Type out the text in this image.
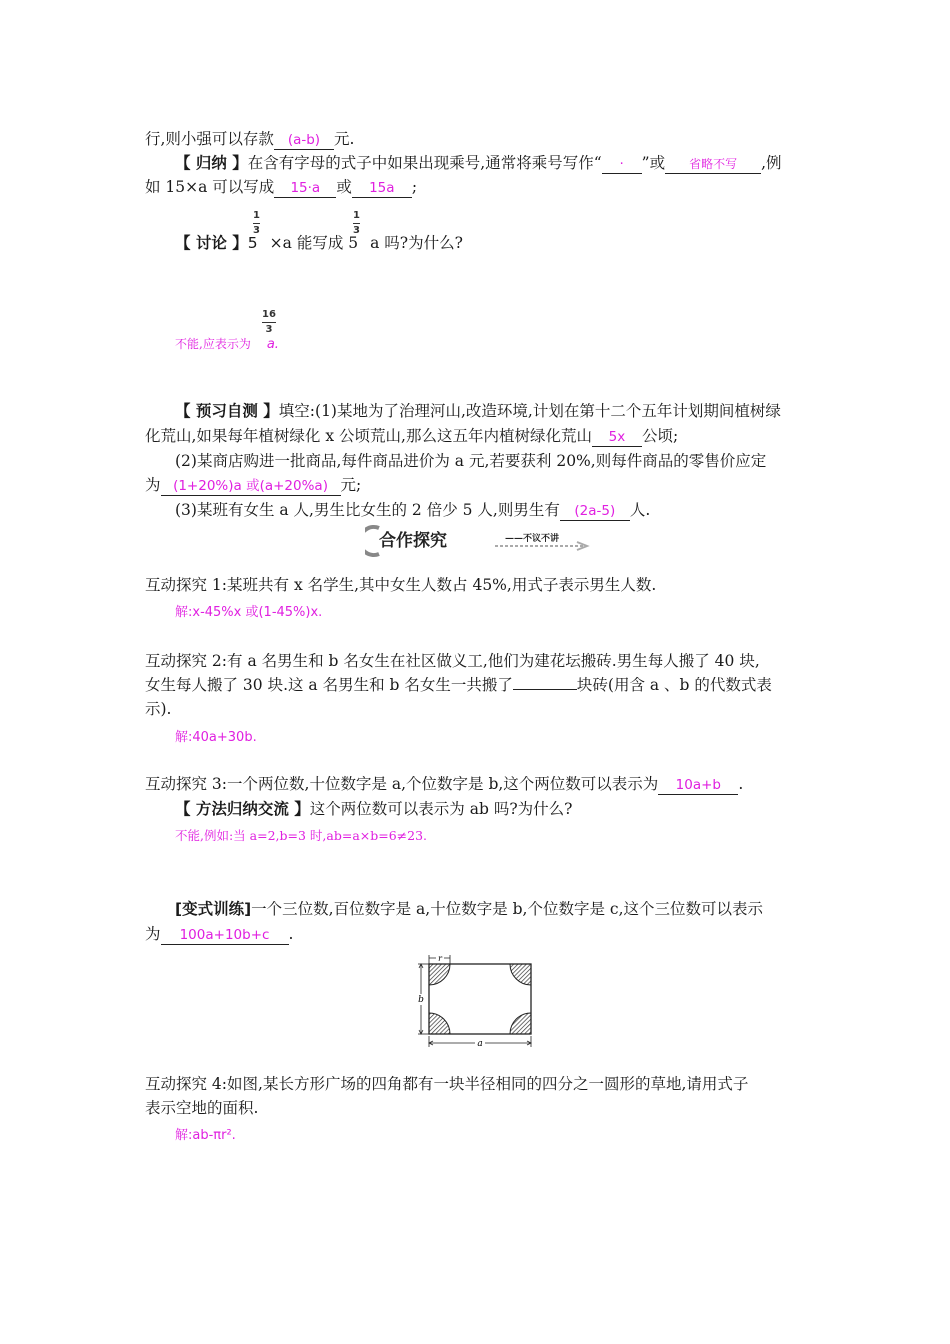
行,则小强可以存款 (a-b) 元.
【 归纳 】在含有字母的式子中如果出现乘号,通常将乘号写作“ · ”或 省略不写 ,例
如 15×a 可以写成 15·a 或 15a ;
1
3
1
3
【 讨论 】5 ×a 能写成 5 a 吗?为什么?
16
3
不能,应表示为 a.
【 预习自测 】填空:(1)某地为了治理河山,改造环境,计划在第十二个五年计划期间植树绿
化荒山,如果每年植树绿化 x 公顷荒山,那么这五年内植树绿化荒山 5x 公顷;
(2)某商店购进一批商品,每件商品进价为 a 元,若要获利 20%,则每件商品的零售价应定
为 (1+20%)a 或(a+20%a) 元;
(3)某班有女生 a 人,男生比女生的 2 倍少 5 人,则男生有 (2a-5) 人.
合作探究	——不议不讲
互动探究 1:某班共有 x 名学生,其中女生人数占 45%,用式子表示男生人数.
解:x-45%x 或(1-45%)x.
互动探究 2:有 a 名男生和 b 名女生在社区做义工,他们为建花坛搬砖.男生每人搬了 40 块,
女生每人搬了 30 块.这 a 名男生和 b 名女生一共搬了	块砖(用含 a 、b 的代数式表
示).
解:40a+30b.
互动探究 3:一个两位数,十位数字是 a,个位数字是 b,这个两位数可以表示为 10a+b .
【 方法归纳交流 】这个两位数可以表示为 ab 吗?为什么?
不能,例如:当 a=2,b=3 时,ab=a×b=6≠23.
[变式训练]一个三位数,百位数字是 a,十位数字是 b,个位数字是 c,这个三位数可以表示
为 100a+10b+c .
r
b
a
互动探究 4:如图,某长方形广场的四角都有一块半径相同的四分之一圆形的草地,请用式子
表示空地的面积.
解:ab-πr².
